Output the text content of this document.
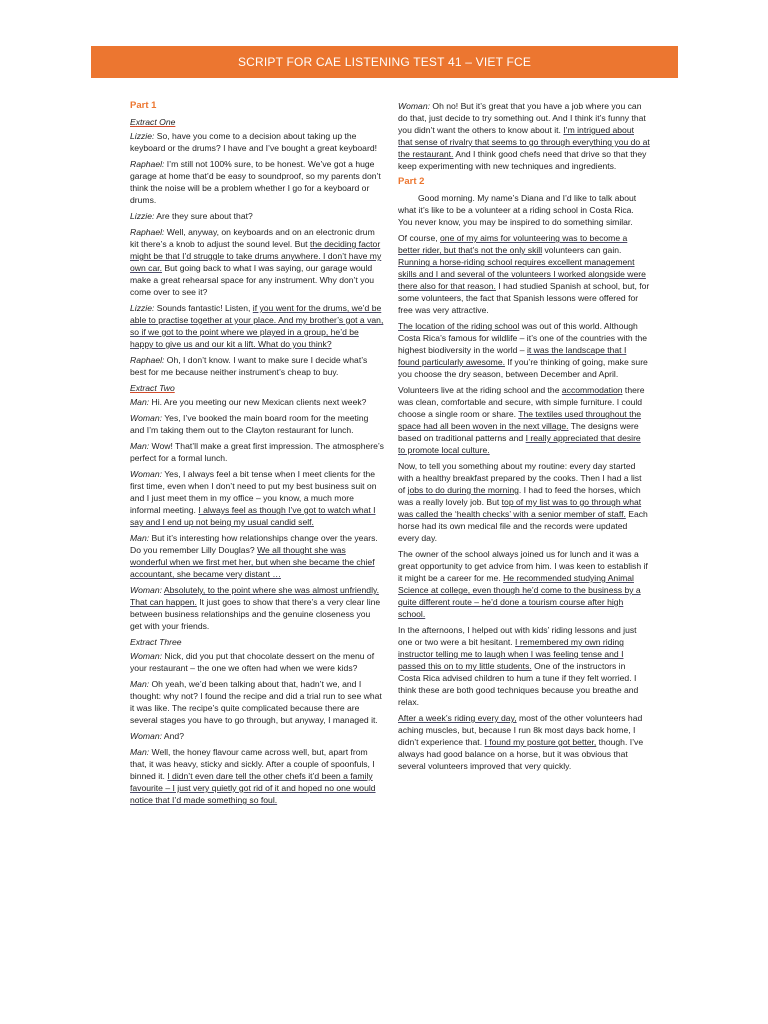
SCRIPT FOR CAE LISTENING TEST 41 – VIET FCE
Part 1
Extract One

Lizzie: So, have you come to a decision about taking up the keyboard or the drums? I have and I’ve bought a great keyboard!

Raphael: I’m still not 100% sure, to be honest. We’ve got a huge garage at home that’d be easy to soundproof, so my parents don’t think the noise will be a problem whether I go for a keyboard or drums.

Lizzie: Are they sure about that?

Raphael: Well, anyway, on keyboards and on an electronic drum kit there’s a knob to adjust the sound level. But the deciding factor might be that I’d struggle to take drums anywhere. I don’t have my own car. But going back to what I was saying, our garage would make a great rehearsal space for any instrument. Why don’t you come over to see it?

Lizzie: Sounds fantastic! Listen, if you went for the drums, we’d be able to practise together at your place. And my brother’s got a van, so if we got to the point where we played in a group, he’d be happy to give us and our kit a lift. What do you think?

Raphael: Oh, I don’t know. I want to make sure I decide what’s best for me because neither instrument’s cheap to buy.

Extract Two

Man: Hi. Are you meeting our new Mexican clients next week?

Woman: Yes, I’ve booked the main board room for the meeting and I’m taking them out to the Clayton restaurant for lunch.

Man: Wow! That’ll make a great first impression. The atmosphere’s perfect for a formal lunch.

Woman: Yes, I always feel a bit tense when I meet clients for the first time, even when I don’t need to put my best business suit on and I just meet them in my office – you know, a much more informal meeting. I always feel as though I’ve got to watch what I say and I end up not being my usual candid self.

Man: But it’s interesting how relationships change over the years. Do you remember Lilly Douglas? We all thought she was wonderful when we first met her, but when she became the chief accountant, she became very distant …

Woman: Absolutely, to the point where she was almost unfriendly. That can happen. It just goes to show that there’s a very clear line between business relationships and the genuine closeness you get with your friends.

Extract Three

Woman: Nick, did you put that chocolate dessert on the menu of your restaurant – the one we often had when we were kids?

Man: Oh yeah, we’d been talking about that, hadn’t we, and I thought: why not? I found the recipe and did a trial run to see what it was like. The recipe’s quite complicated because there are several stages you have to go through, but anyway, I managed it.

Woman: And?

Man: Well, the honey flavour came across well, but, apart from that, it was heavy, sticky and sickly. After a couple of spoonfuls, I binned it. I didn’t even dare tell the other chefs it’d been a family favourite – I just very quietly got rid of it and hoped no one would notice that I’d made something so foul.

Woman: Oh no! But it’s great that you have a job where you can do that, just decide to try something out. And I think it’s funny that you didn’t want the others to know about it. I’m intrigued about that sense of rivalry that seems to go through everything you do at the restaurant. And I think good chefs need that drive so that they keep experimenting with new techniques and ingredients.

Part 2

Good morning. My name’s Diana and I’d like to talk about what it’s like to be a volunteer at a riding school in Costa Rica. You never know, you may be inspired to do something similar.

Of course, one of my aims for volunteering was to become a better rider, but that’s not the only skill volunteers can gain. Running a horse-riding school requires excellent management skills and I and several of the volunteers I worked alongside were there also for that reason. I had studied Spanish at school, but, for some volunteers, the fact that Spanish lessons were offered for free was very attractive.

The location of the riding school was out of this world. Although Costa Rica’s famous for wildlife – it’s one of the countries with the highest biodiversity in the world – it was the landscape that I found particularly awesome. If you’re thinking of going, make sure you choose the dry season, between December and April.

Volunteers live at the riding school and the accommodation there was clean, comfortable and secure, with simple furniture. I could choose a single room or share. The textiles used throughout the space had all been woven in the next village. The designs were based on traditional patterns and I really appreciated that desire to promote local culture.

Now, to tell you something about my routine: every day started with a healthy breakfast prepared by the cooks. Then I had a list of jobs to do during the morning. I had to feed the horses, which was a really lovely job. But top of my list was to go through what was called the ‘health checks’ with a senior member of staff. Each horse had its own medical file and the records were updated every day.

The owner of the school always joined us for lunch and it was a great opportunity to get advice from him. I was keen to establish if it might be a career for me. He recommended studying Animal Science at college, even though he’d come to the business by a quite different route – he’d done a tourism course after high school.

In the afternoons, I helped out with kids’ riding lessons and just one or two were a bit hesitant. I remembered my own riding instructor telling me to laugh when I was feeling tense and I passed this on to my little students. One of the instructors in Costa Rica advised children to hum a tune if they felt worried. I think these are both good techniques because you breathe and relax.

After a week’s riding every day, most of the other volunteers had aching muscles, but, because I run 8k most days back home, I didn’t experience that. I found my posture got better, though. I’ve always had good balance on a horse, but it was obvious that several volunteers improved that very quickly.
